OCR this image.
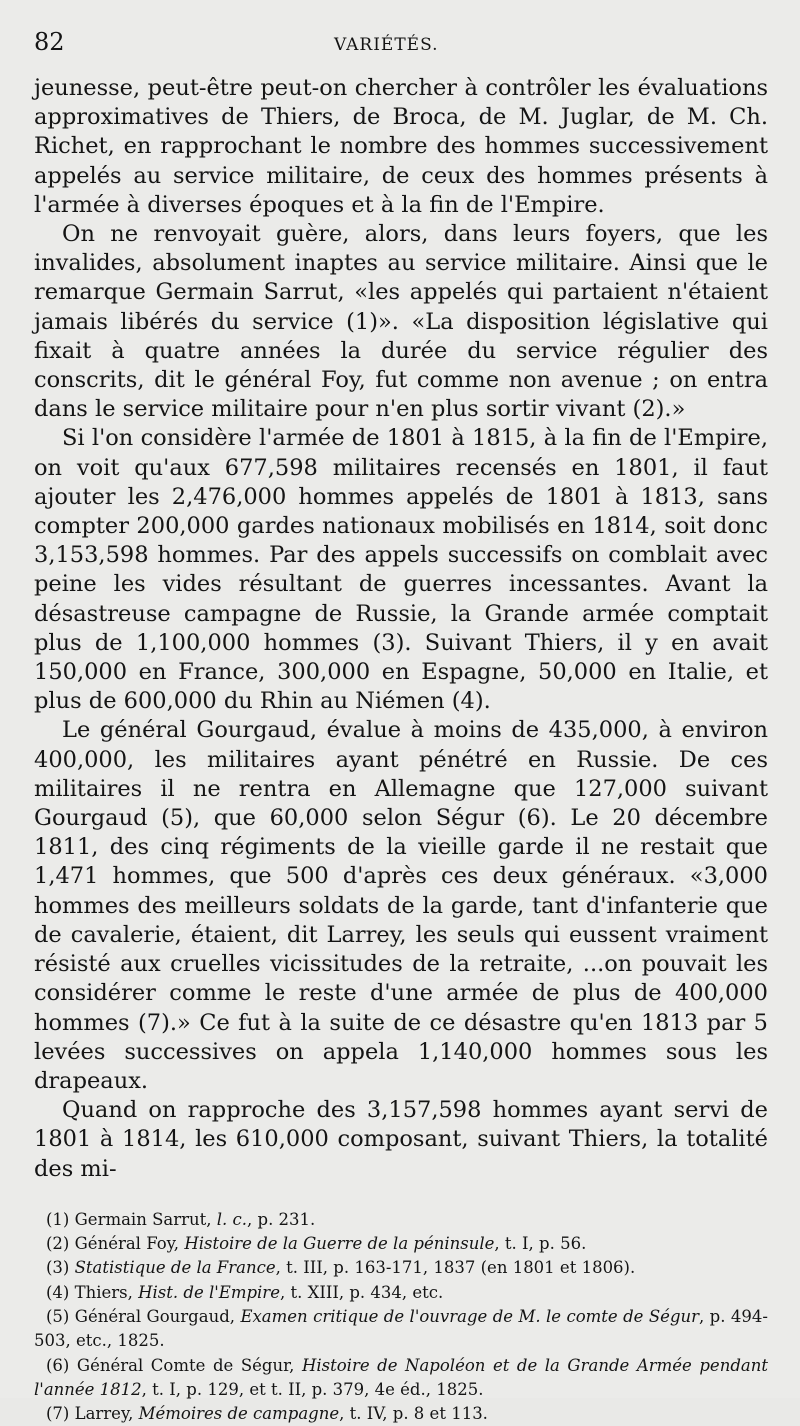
82	VARIÉTÉS.

jeunesse, peut-être peut-on chercher à contrôler les évaluations approximatives de Thiers, de Broca, de M. Juglar, de M. Ch. Richet, en rapprochant le nombre des hommes successivement appelés au service militaire, de ceux des hommes présents à l'armée à diverses époques et à la fin de l'Empire.

On ne renvoyait guère, alors, dans leurs foyers, que les invalides, absolument inaptes au service militaire. Ainsi que le remarque Germain Sarrut, «les appelés qui partaient n'étaient jamais libérés du service (1)». «La disposition législative qui fixait à quatre années la durée du service régulier des conscrits, dit le général Foy, fut comme non avenue ; on entra dans le service militaire pour n'en plus sortir vivant (2).»

Si l'on considère l'armée de 1801 à 1815, à la fin de l'Empire, on voit qu'aux 677,598 militaires recensés en 1801, il faut ajouter les 2,476,000 hommes appelés de 1801 à 1813, sans compter 200,000 gardes nationaux mobilisés en 1814, soit donc 3,153,598 hommes. Par des appels successifs on comblait avec peine les vides résultant de guerres incessantes. Avant la désastreuse campagne de Russie, la Grande armée comptait plus de 1,100,000 hommes (3). Suivant Thiers, il y en avait 150,000 en France, 300,000 en Espagne, 50,000 en Italie, et plus de 600,000 du Rhin au Niémen (4).

Le général Gourgaud, évalue à moins de 435,000, à environ 400,000, les militaires ayant pénétré en Russie. De ces militaires il ne rentra en Allemagne que 127,000 suivant Gourgaud (5), que 60,000 selon Ségur (6). Le 20 décembre 1811, des cinq régiments de la vieille garde il ne restait que 1,471 hommes, que 500 d'après ces deux généraux. «3,000 hommes des meilleurs soldats de la garde, tant d'infanterie que de cavalerie, étaient, dit Larrey, les seuls qui eussent vraiment résisté aux cruelles vicissitudes de la retraite, ...on pouvait les considérer comme le reste d'une armée de plus de 400,000 hommes (7).» Ce fut à la suite de ce désastre qu'en 1813 par 5 levées successives on appela 1,140,000 hommes sous les drapeaux.

Quand on rapproche des 3,157,598 hommes ayant servi de 1801 à 1814, les 610,000 composant, suivant Thiers, la totalité des mi-

(1) Germain Sarrut, l. c., p. 231.

(2) Général Foy, Histoire de la Guerre de la péninsule, t. I, p. 56.

(3) Statistique de la France, t. III, p. 163-171, 1837 (en 1801 et 1806).

(4) Thiers, Hist. de l'Empire, t. XIII, p. 434, etc.

(5) Général Gourgaud, Examen critique de l'ouvrage de M. le comte de Ségur, p. 494-503, etc., 1825.

(6) Général Comte de Ségur, Histoire de Napoléon et de la Grande Armée pendant l'année 1812, t. I, p. 129, et t. II, p. 379, 4e éd., 1825.

(7) Larrey, Mémoires de campagne, t. IV, p. 8 et 113.
